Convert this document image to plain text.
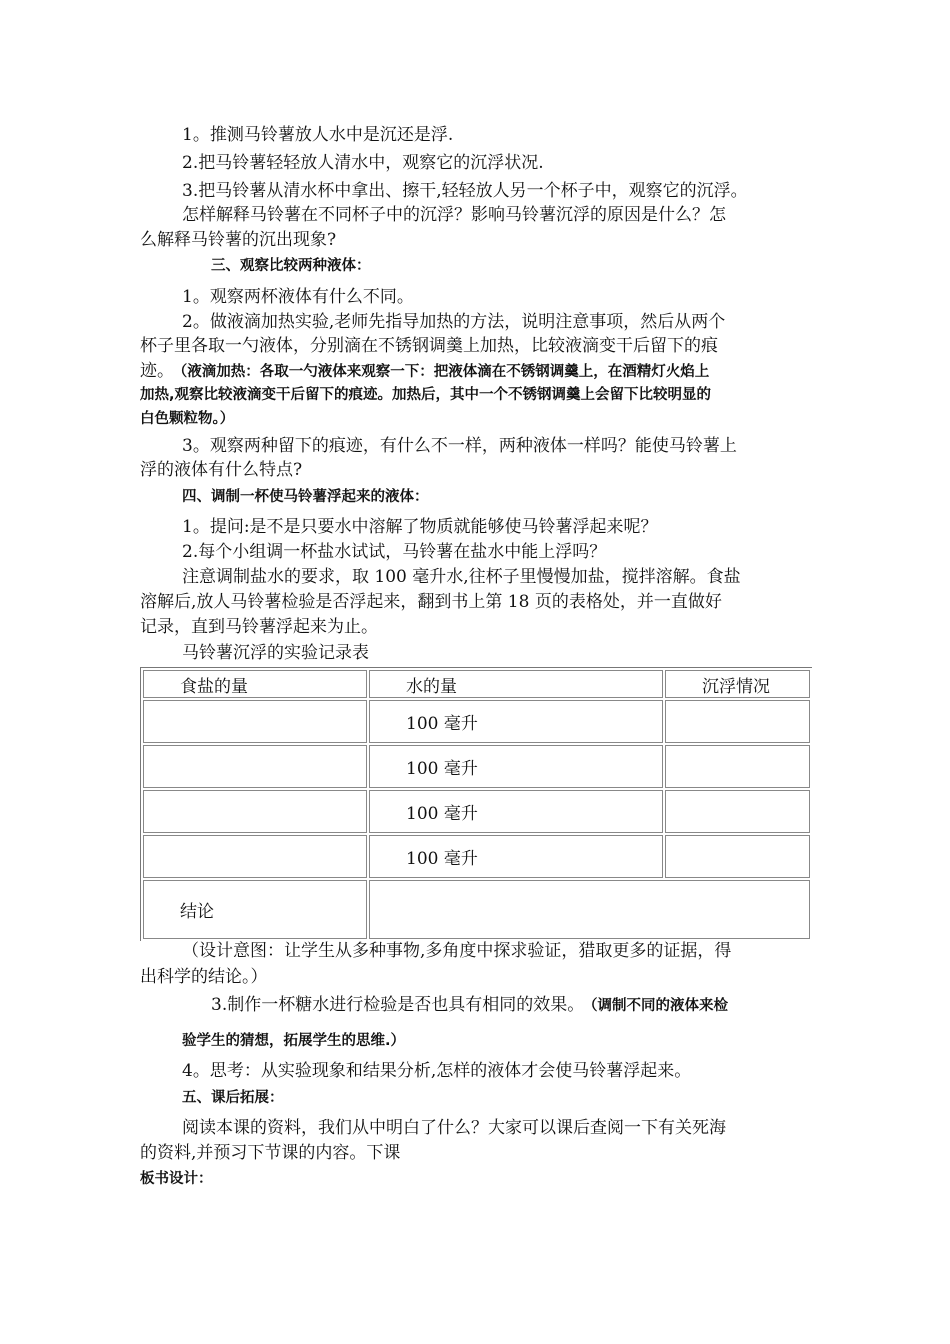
1。推测马铃薯放人水中是沉还是浮.
2.把马铃薯轻轻放人清水中，观察它的沉浮状况.
3.把马铃薯从清水杯中拿出、擦干,轻轻放人另一个杯子中，观察它的沉浮。
怎样解释马铃薯在不同杯子中的沉浮？影响马铃薯沉浮的原因是什么？怎
么解释马铃薯的沉出现象?
三、观察比较两种液体：
1。观察两杯液体有什么不同。
2。做液滴加热实验,老师先指导加热的方法，说明注意事项，然后从两个
杯子里各取一勺液体，分别滴在不锈钢调羹上加热，比较液滴变干后留下的痕
迹。 （液滴加热：各取一勺液体来观察一下：把液体滴在不锈钢调羹上，在酒精灯火焰上
加热,观察比较液滴变干后留下的痕迹。加热后，其中一个不锈钢调羹上会留下比较明显的
白色颗粒物。）
3。观察两种留下的痕迹，有什么不一样，两种液体一样吗？能使马铃薯上
浮的液体有什么特点?
四、调制一杯使马铃薯浮起来的液体：
1。提问:是不是只要水中溶解了物质就能够使马铃薯浮起来呢？
2.每个小组调一杯盐水试试，马铃薯在盐水中能上浮吗？
注意调制盐水的要求，取 100 毫升水,往杯子里慢慢加盐，搅拌溶解。食盐
溶解后,放人马铃薯检验是否浮起来，翻到书上第 18 页的表格处，并一直做好
记录，直到马铃薯浮起来为止。
马铃薯沉浮的实验记录表
食盐的量	水的量	沉浮情况
	100 毫升	
	100 毫升	
	100 毫升	
	100 毫升	
结论		
（设计意图：让学生从多种事物,多角度中探求验证，猎取更多的证据，得
出科学的结论。）
3.制作一杯糖水进行检验是否也具有相同的效果。 （调制不同的液体来检
验学生的猜想，拓展学生的思维.）
4。思考：从实验现象和结果分析,怎样的液体才会使马铃薯浮起来。
五、课后拓展：
阅读本课的资料，我们从中明白了什么？大家可以课后查阅一下有关死海
的资料,并预习下节课的内容。下课
板书设计：
